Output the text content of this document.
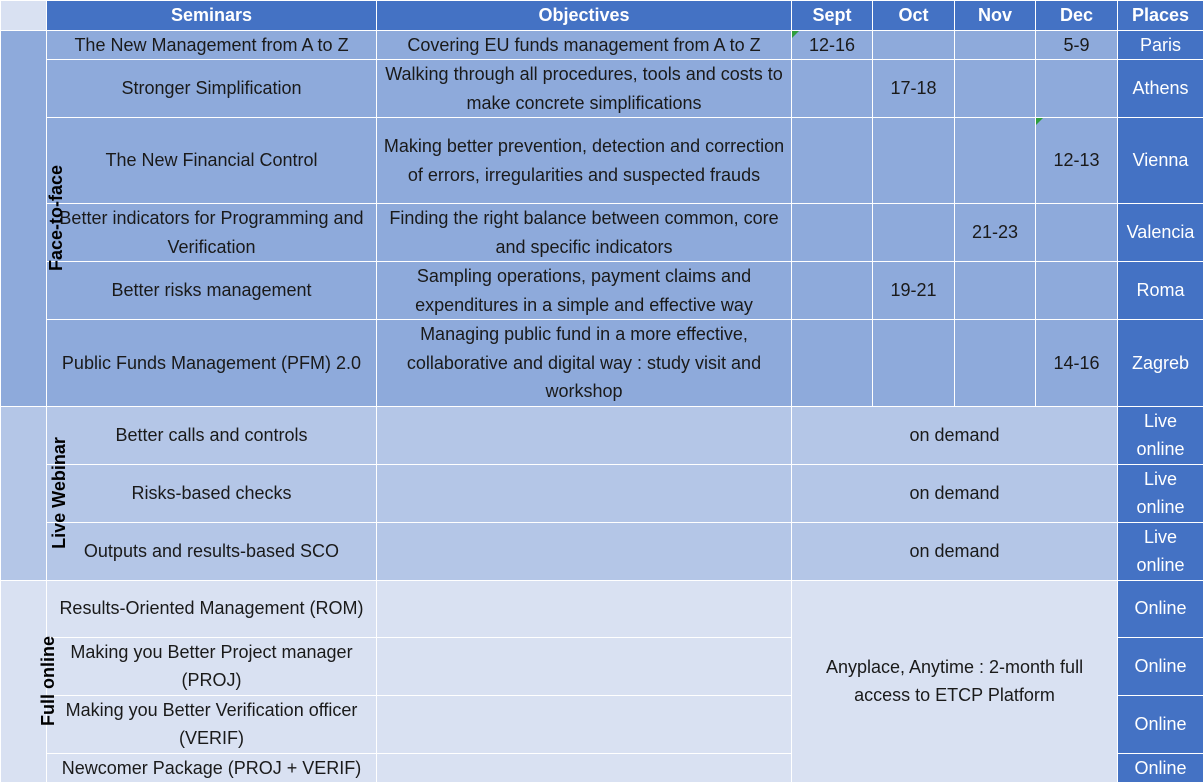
	Seminars	Objectives	Sept	Oct	Nov	Dec	Places
Face-to-face	The New Management from A to Z	Covering EU funds management from A to Z	12-16			5-9	Paris
	Stronger Simplification	Walking through all procedures, tools and costs to make concrete simplifications		17-18			Athens
	The New Financial Control	Making better prevention, detection and correction of errors, irregularities and suspected frauds				12-13	Vienna
	Better indicators for Programming and Verification	Finding the right balance between common, core and specific indicators			21-23		Valencia
	Better risks management	Sampling operations, payment claims and expenditures in a simple and effective way		19-21			Roma
	Public Funds Management (PFM) 2.0	Managing public fund in a more effective, collaborative and digital way : study visit and workshop				14-16	Zagreb
Live Webinar	Better calls and controls		on demand				Live online
	Risks-based checks		on demand				Live online
	Outputs and results-based SCO		on demand				Live online
Full online	Results-Oriented Management (ROM)		Anyplace, Anytime : 2-month full access to ETCP Platform				Online
	Making you Better Project manager (PROJ)						Online
	Making you Better Verification officer (VERIF)						Online
	Newcomer Package (PROJ + VERIF)						Online
